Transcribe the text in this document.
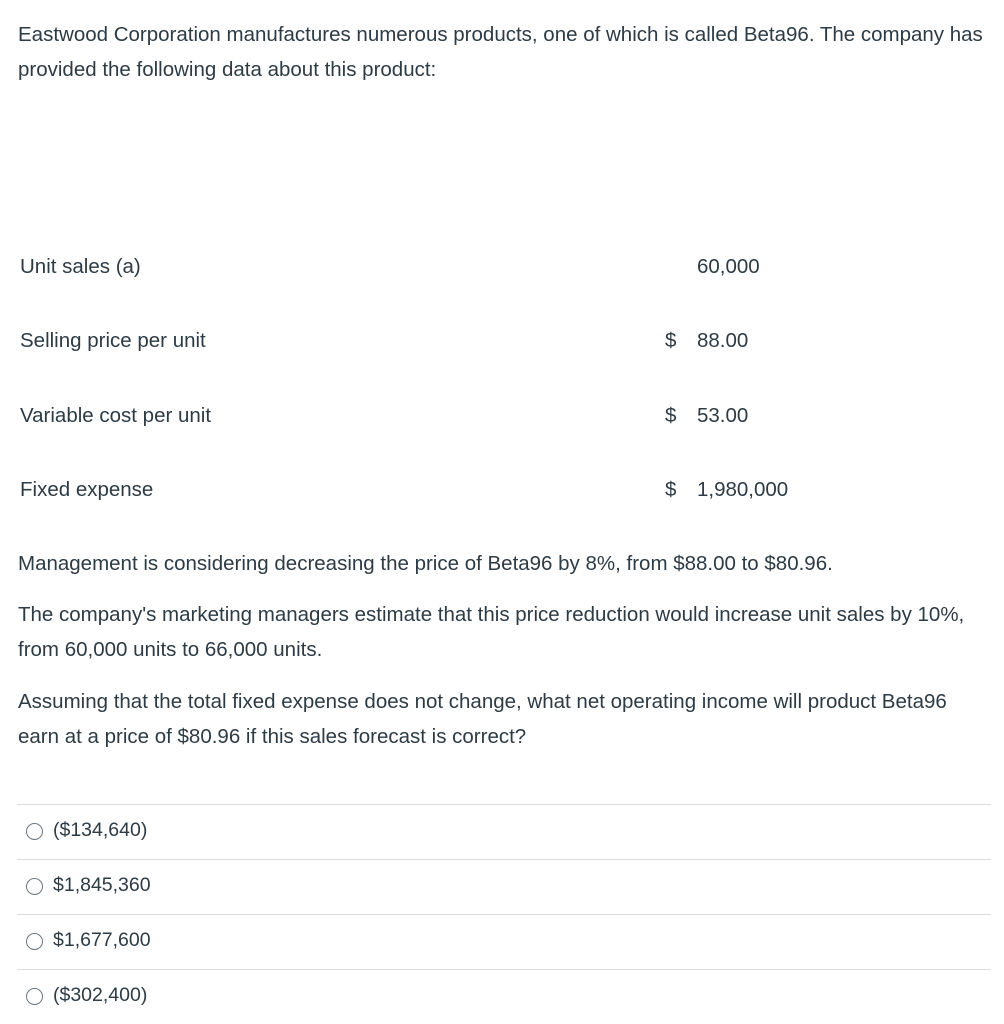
Eastwood Corporation manufactures numerous products, one of which is called Beta96. The company has provided the following data about this product:

Unit sales (a)	60,000
Selling price per unit	$ 88.00
Variable cost per unit	$ 53.00
Fixed expense	$ 1,980,000

Management is considering decreasing the price of Beta96 by 8%, from $88.00 to $80.96.

The company's marketing managers estimate that this price reduction would increase unit sales by 10%, from 60,000 units to 66,000 units.

Assuming that the total fixed expense does not change, what net operating income will product Beta96 earn at a price of $80.96 if this sales forecast is correct?

($134,640)
$1,845,360
$1,677,600
($302,400)
